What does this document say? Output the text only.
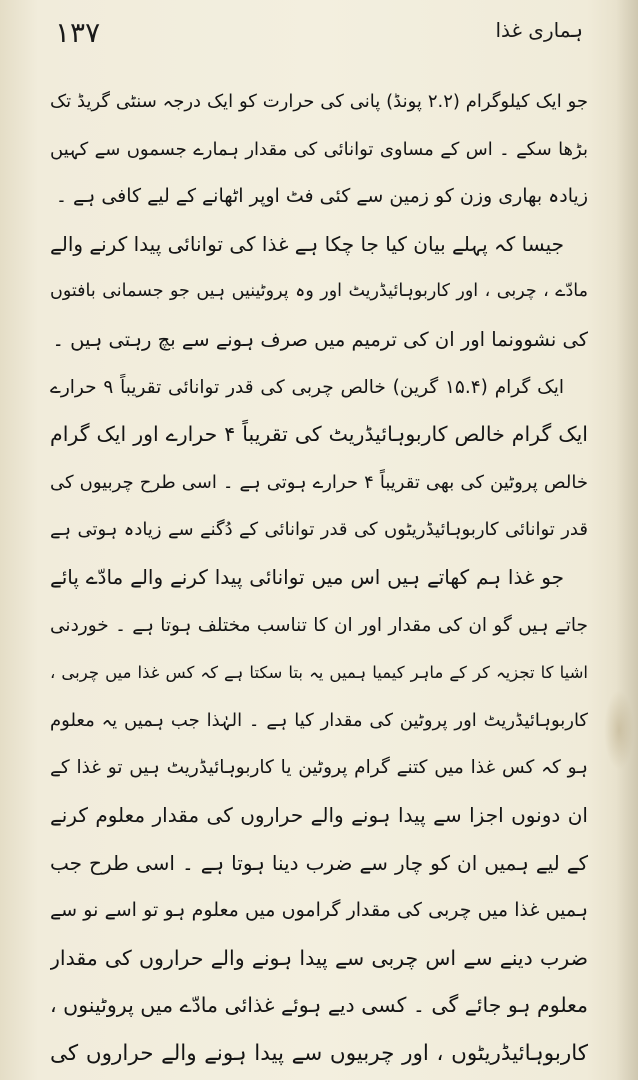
۱۳۷	ہماری غذا
جو ایک کیلوگرام (۲.۲ پونڈ) پانی کی حرارت کو ایک درجہ سنٹی گریڈ تک
بڑھا سکے ۔ اس کے مساوی توانائی کی مقدار ہمارے جسموں سے کہیں
زیادہ بھاری وزن کو زمین سے کئی فٹ اوپر اٹھانے کے لیے کافی ہے ۔
جیسا کہ پہلے بیان کیا جا چکا ہے غذا کی توانائی پیدا کرنے والے
مادّے ، چربی ، اور کاربوہائیڈریٹ اور وہ پروٹینیں ہیں جو جسمانی بافتوں
کی نشوونما اور ان کی ترمیم میں صرف ہونے سے بچ رہتی ہیں ۔
ایک گرام (۱۵.۴ گرین) خالص چربی کی قدر توانائی تقریباً ۹ حرارے
ایک گرام خالص کاربوہائیڈریٹ کی تقریباً ۴ حرارے اور ایک گرام
خالص پروٹین کی بھی تقریباً ۴ حرارے ہوتی ہے ۔ اسی طرح چربیوں کی
قدر توانائی کاربوہائیڈریٹوں کی قدر توانائی کے دُگنے سے زیادہ ہوتی ہے
جو غذا ہم کھاتے ہیں اس میں توانائی پیدا کرنے والے مادّے پائے
جاتے ہیں گو ان کی مقدار اور ان کا تناسب مختلف ہوتا ہے ۔ خوردنی
اشیا کا تجزیہ کر کے ماہر کیمیا ہمیں یہ بتا سکتا ہے کہ کس غذا میں چربی ،
کاربوہائیڈریٹ اور پروٹین کی مقدار کیا ہے ۔ الہٰذا جب ہمیں یہ معلوم
ہو کہ کس غذا میں کتنے گرام پروٹین یا کاربوہائیڈریٹ ہیں تو غذا کے
ان دونوں اجزا سے پیدا ہونے والے حراروں کی مقدار معلوم کرنے
کے لیے ہمیں ان کو چار سے ضرب دینا ہوتا ہے ۔ اسی طرح جب
ہمیں غذا میں چربی کی مقدار گراموں میں معلوم ہو تو اسے نو سے
ضرب دینے سے اس چربی سے پیدا ہونے والے حراروں کی مقدار
معلوم ہو جائے گی ۔ کسی دیے ہوئے غذائی مادّے میں پروٹینوں ،
کاربوہائیڈریٹوں ، اور چربیوں سے پیدا ہونے والے حراروں کی
